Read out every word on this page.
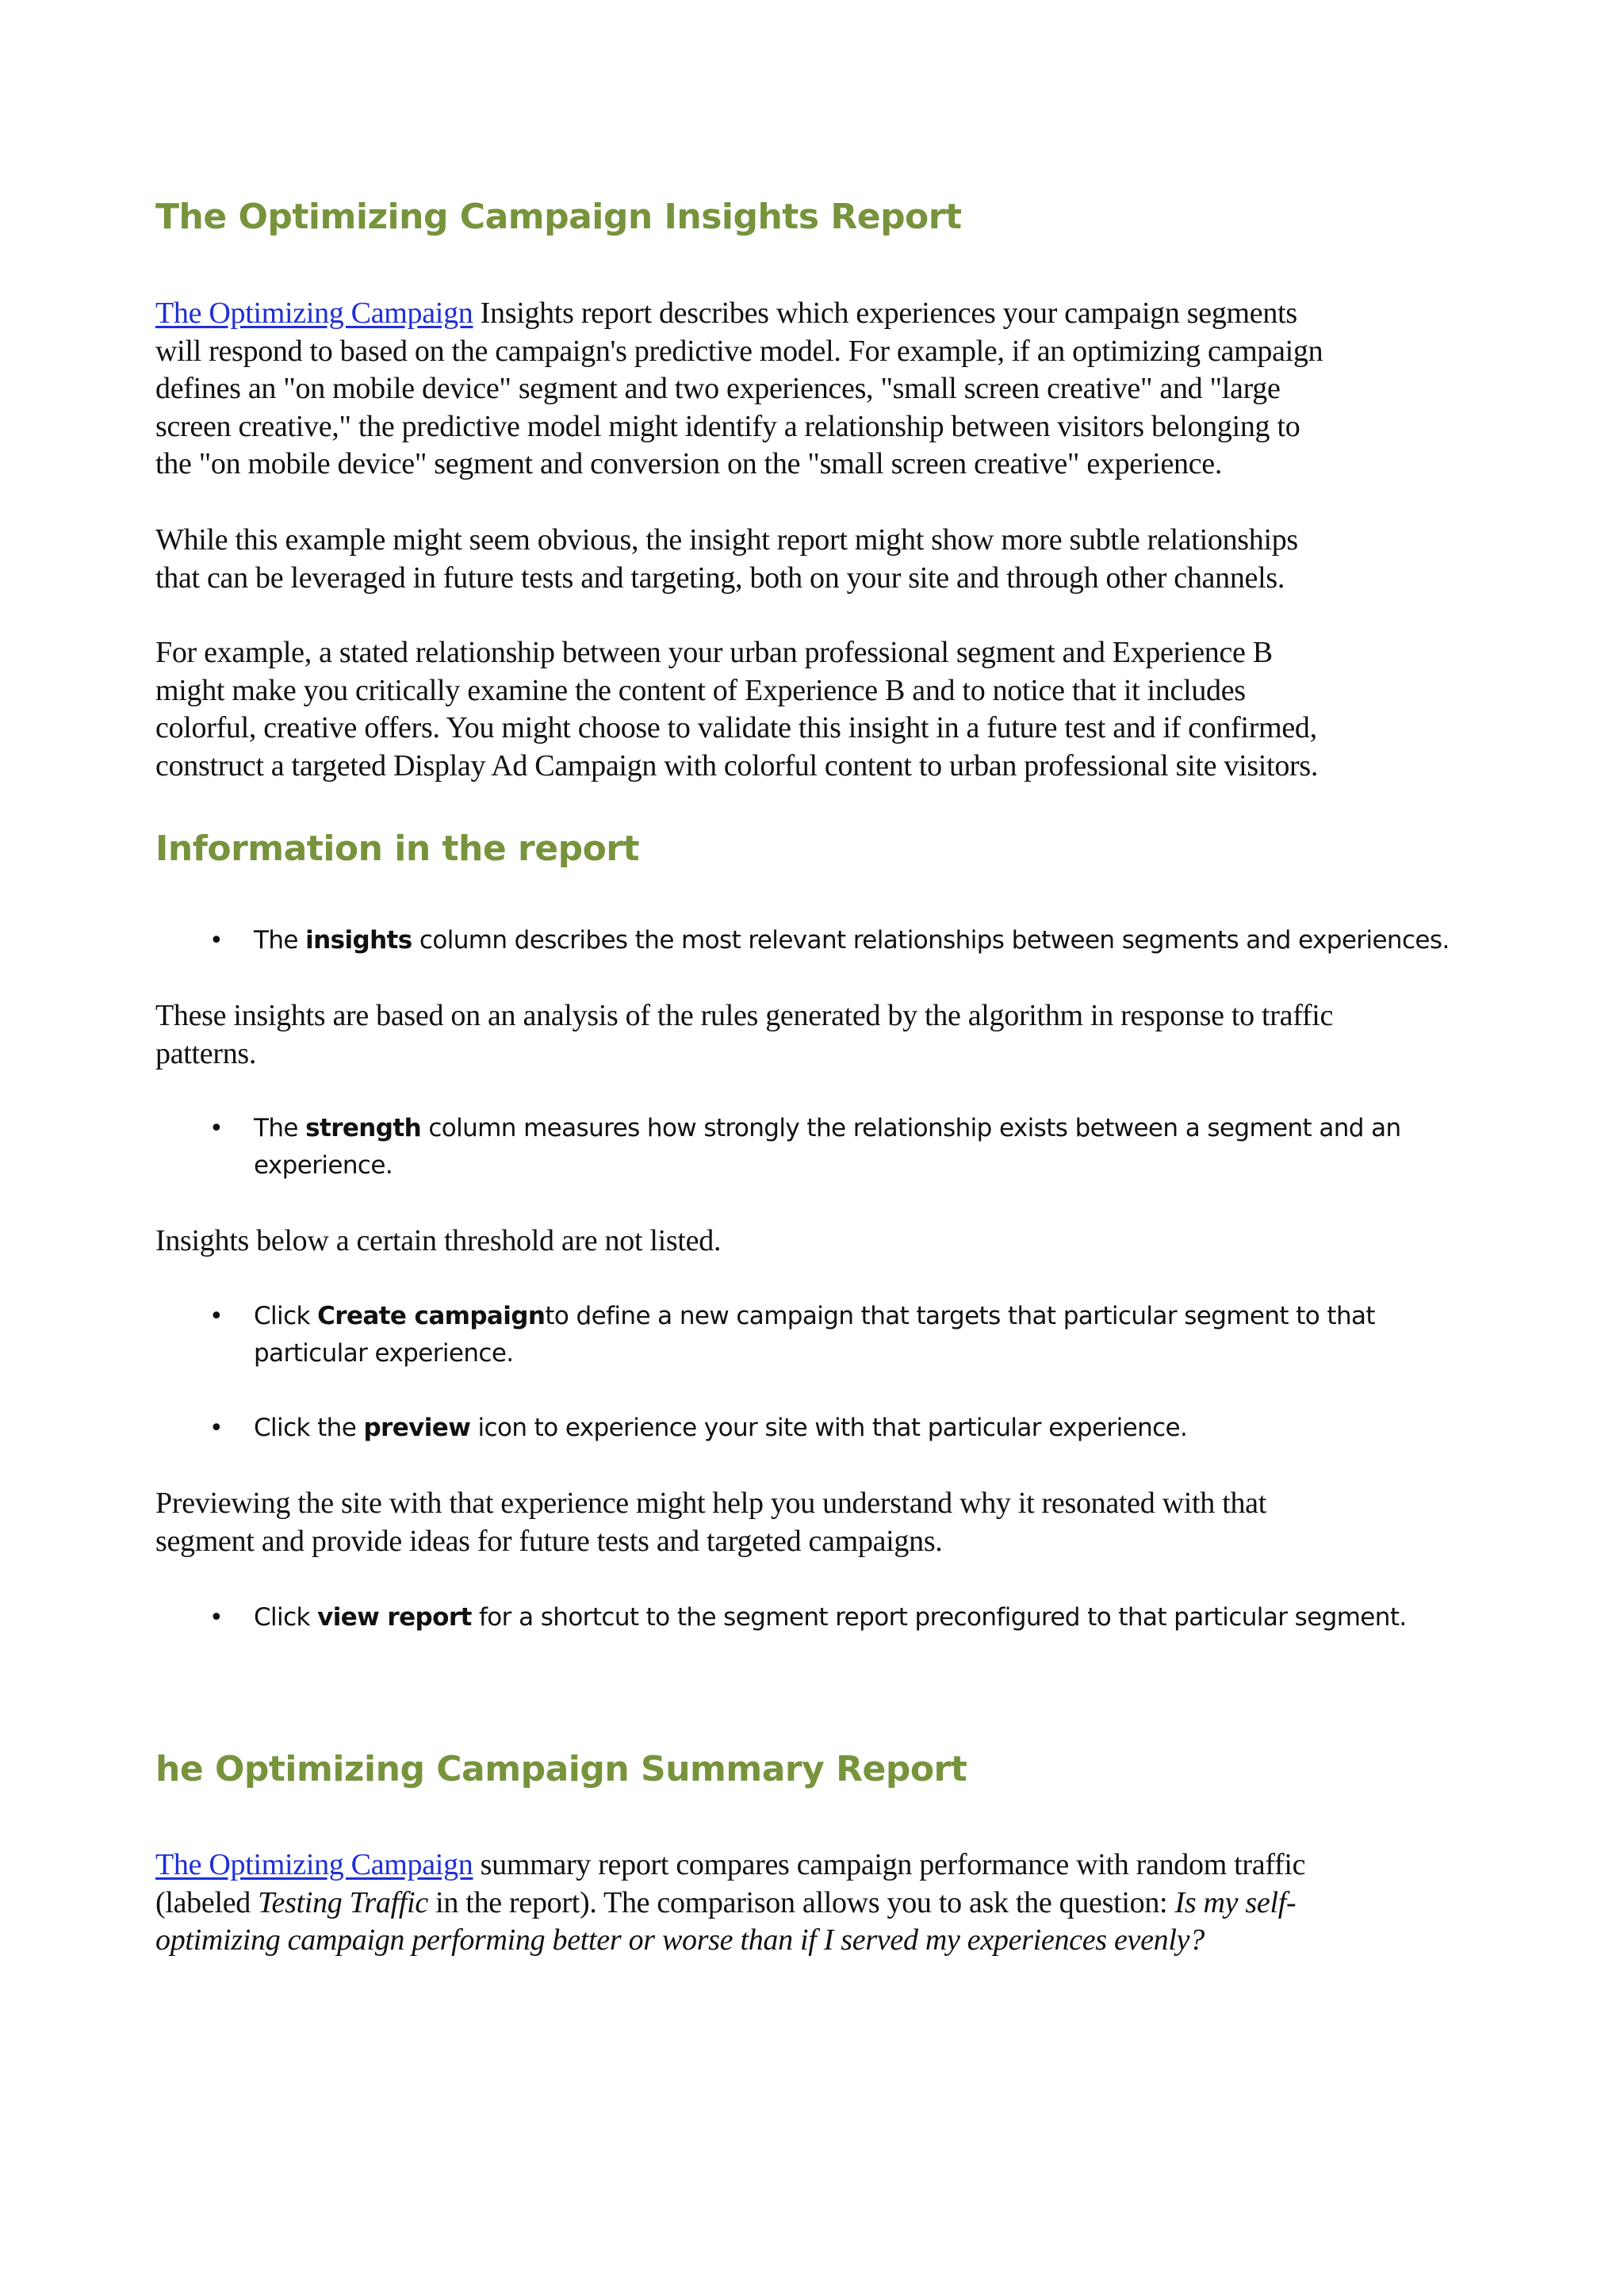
The Optimizing Campaign Insights Report

The Optimizing Campaign Insights report describes which experiences your campaign segments
will respond to based on the campaign's predictive model. For example, if an optimizing campaign
defines an "on mobile device" segment and two experiences, "small screen creative" and "large
screen creative," the predictive model might identify a relationship between visitors belonging to
the "on mobile device" segment and conversion on the "small screen creative" experience.

While this example might seem obvious, the insight report might show more subtle relationships
that can be leveraged in future tests and targeting, both on your site and through other channels.

For example, a stated relationship between your urban professional segment and Experience B
might make you critically examine the content of Experience B and to notice that it includes
colorful, creative offers. You might choose to validate this insight in a future test and if confirmed,
construct a targeted Display Ad Campaign with colorful content to urban professional site visitors.

Information in the report
• The insights column describes the most relevant relationships between segments and experiences.

These insights are based on an analysis of the rules generated by the algorithm in response to traffic
patterns.

• The strength column measures how strongly the relationship exists between a segment and an
experience.

Insights below a certain threshold are not listed.

• Click Create campaignto define a new campaign that targets that particular segment to that
particular experience.
• Click the preview icon to experience your site with that particular experience.

Previewing the site with that experience might help you understand why it resonated with that
segment and provide ideas for future tests and targeted campaigns.

• Click view report for a shortcut to the segment report preconfigured to that particular segment.
he Optimizing Campaign Summary Report

The Optimizing Campaign summary report compares campaign performance with random traffic
(labeled Testing Traffic in the report). The comparison allows you to ask the question: Is my self-
optimizing campaign performing better or worse than if I served my experiences evenly?
